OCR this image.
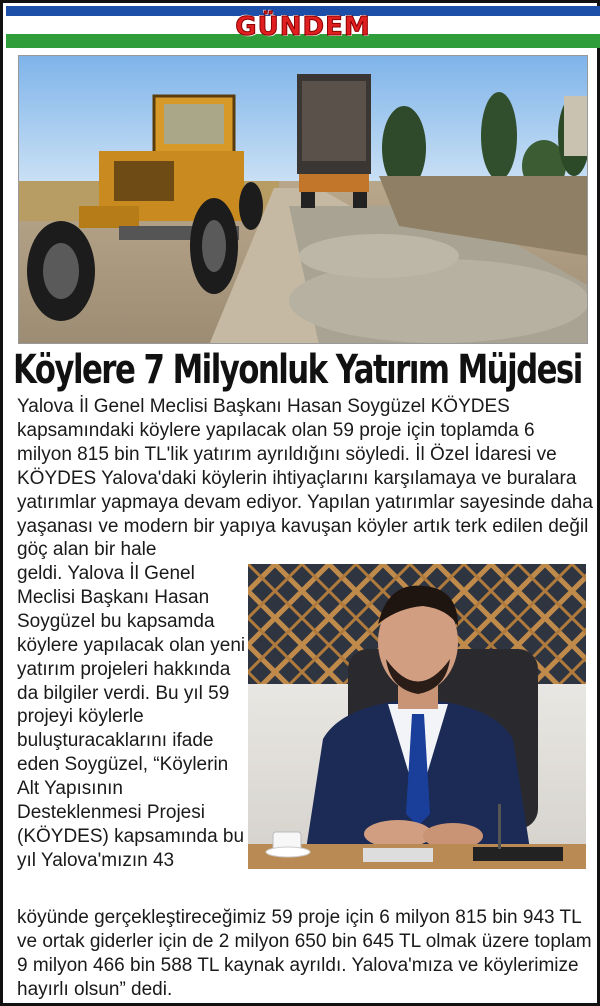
GÜNDEM
Köylere 7 Milyonluk Yatırım Müjdesi
Yalova İl Genel Meclisi Başkanı Hasan Soygüzel KÖYDES kapsamındaki köylere yapılacak olan 59 proje için toplamda 6 milyon 815 bin TL'lik yatırım ayrıldığını söyledi. İl Özel İdaresi ve KÖYDES Yalova'daki köylerin ihtiyaçlarını karşılamaya ve buralara yatırımlar yapmaya devam ediyor. Yapılan yatırımlar sayesinde daha yaşanası ve modern bir yapıya kavuşan köyler artık terk edilen değil göç alan bir hale
geldi. Yalova İl Genel Meclisi Başkanı Hasan Soygüzel bu kapsamda köylere yapılacak olan yeni yatırım projeleri hakkında da bilgiler verdi. Bu yıl 59 projeyi köylerle buluşturacaklarını ifade eden Soygüzel, “Köylerin Alt Yapısının Desteklenmesi Projesi (KÖYDES) kapsamında bu yıl Yalova'mızın 43
köyünde gerçekleştireceğimiz 59 proje için 6 milyon 815 bin 943 TL ve ortak giderler için de 2 milyon 650 bin 645 TL olmak üzere toplam 9 milyon 466 bin 588 TL kaynak ayrıldı. Yalova'mıza ve köylerimize hayırlı olsun” dedi.
